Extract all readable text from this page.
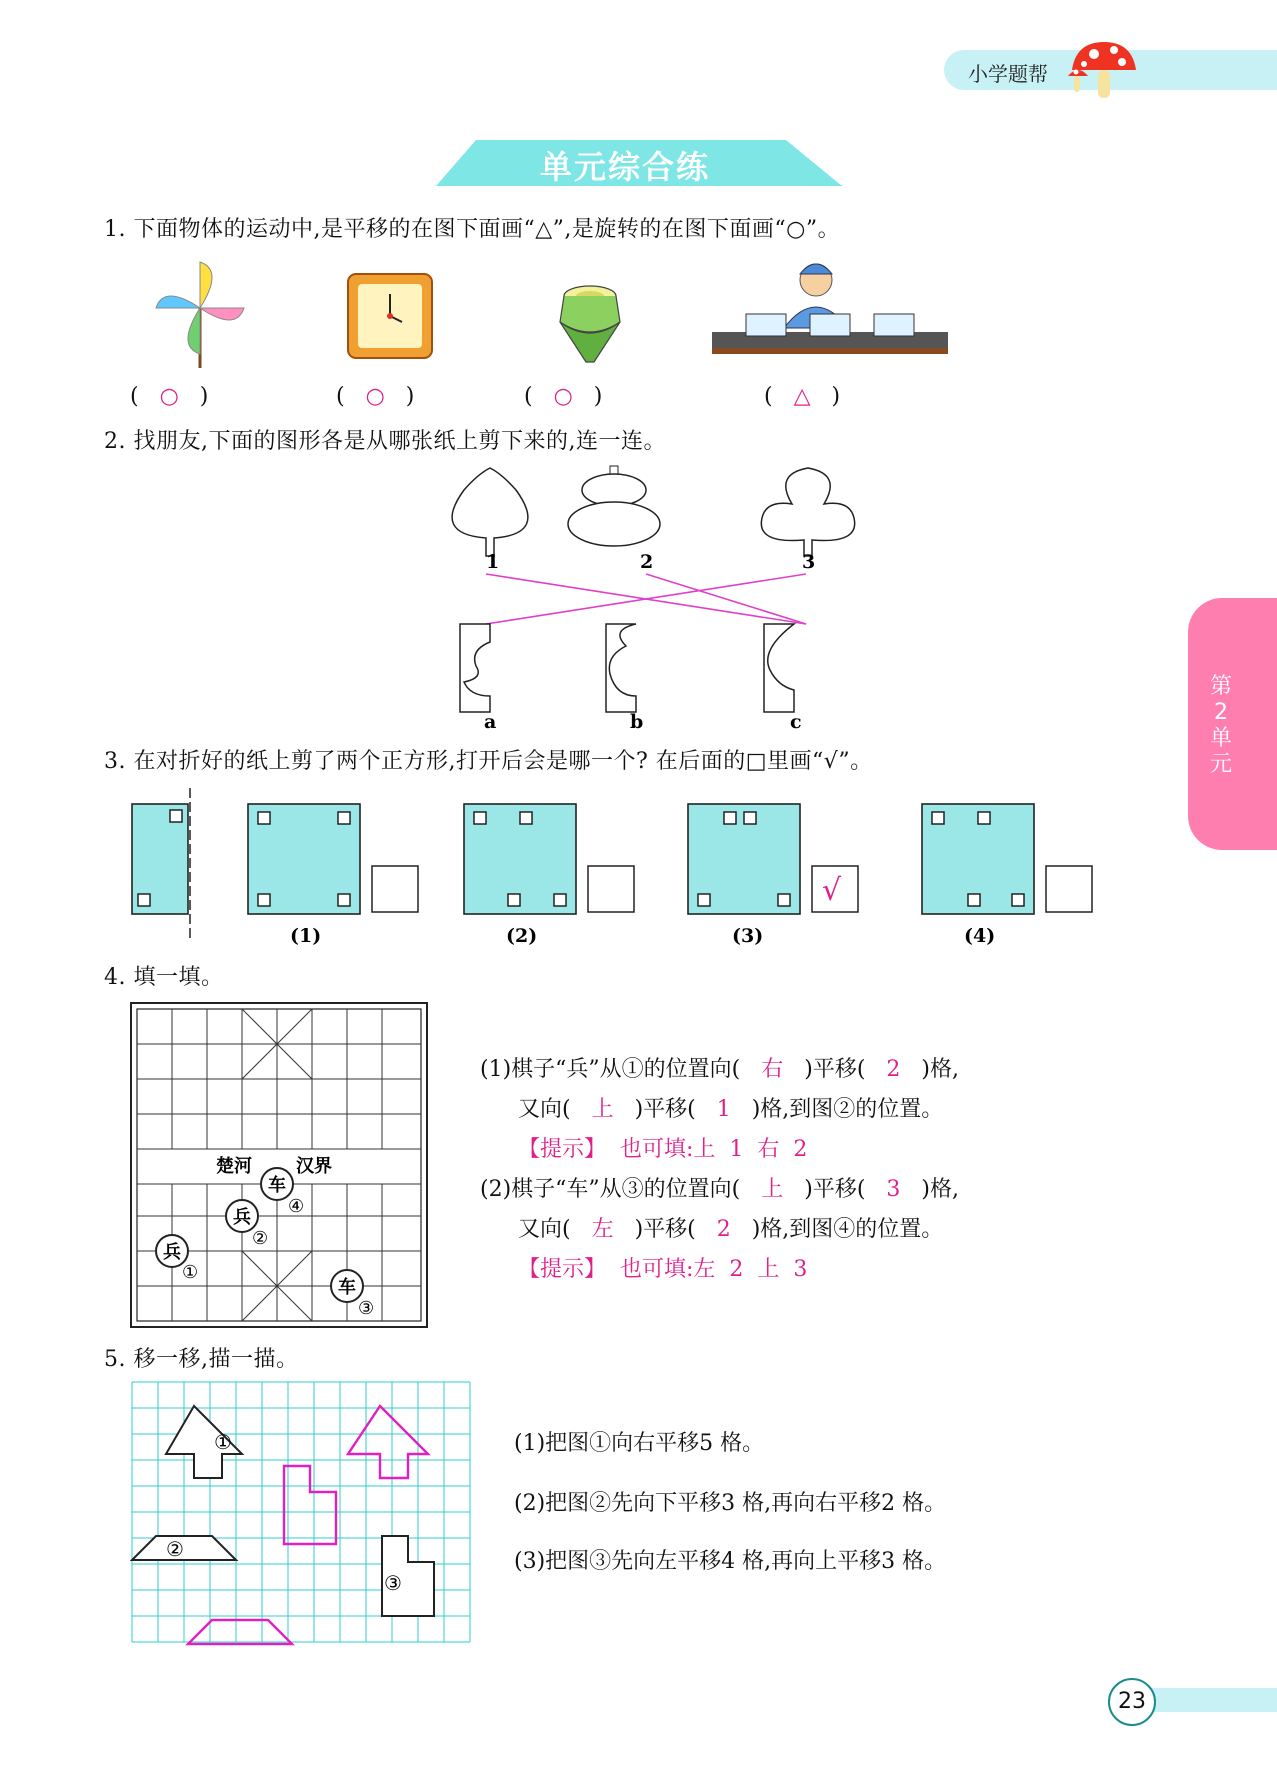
小学题帮
单元综合练
第2单元
1. 下面物体的运动中,是平移的在图下面画“△”,是旋转的在图下面画“○”。
(   ○   )	(   ○   )	(   ○   )	(   △   )
2. 找朋友,下面的图形各是从哪张纸上剪下来的,连一连。
1	2	3
a	b	c
3. 在对折好的纸上剪了两个正方形,打开后会是哪一个? 在后面的□里画“√”。
√
(1)	(2)	(3)	(4)
4. 填一填。
楚河 汉界
车
④
兵
②
兵
①
车
③
(1)棋子“兵”从①的位置向( 右 )平移( 2 )格,
又向( 上 )平移( 1 )格,到图②的位置。
【提示】 也可填:上  1  右  2
(2)棋子“车”从③的位置向( 上 )平移( 3 )格,
又向( 左 )平移( 2 )格,到图④的位置。
【提示】 也可填:左  2  上  3
5. 移一移,描一描。
①
②
③
(1)把图①向右平移5 格。
(2)把图②先向下平移3 格,再向右平移2 格。
(3)把图③先向左平移4 格,再向上平移3 格。
23
